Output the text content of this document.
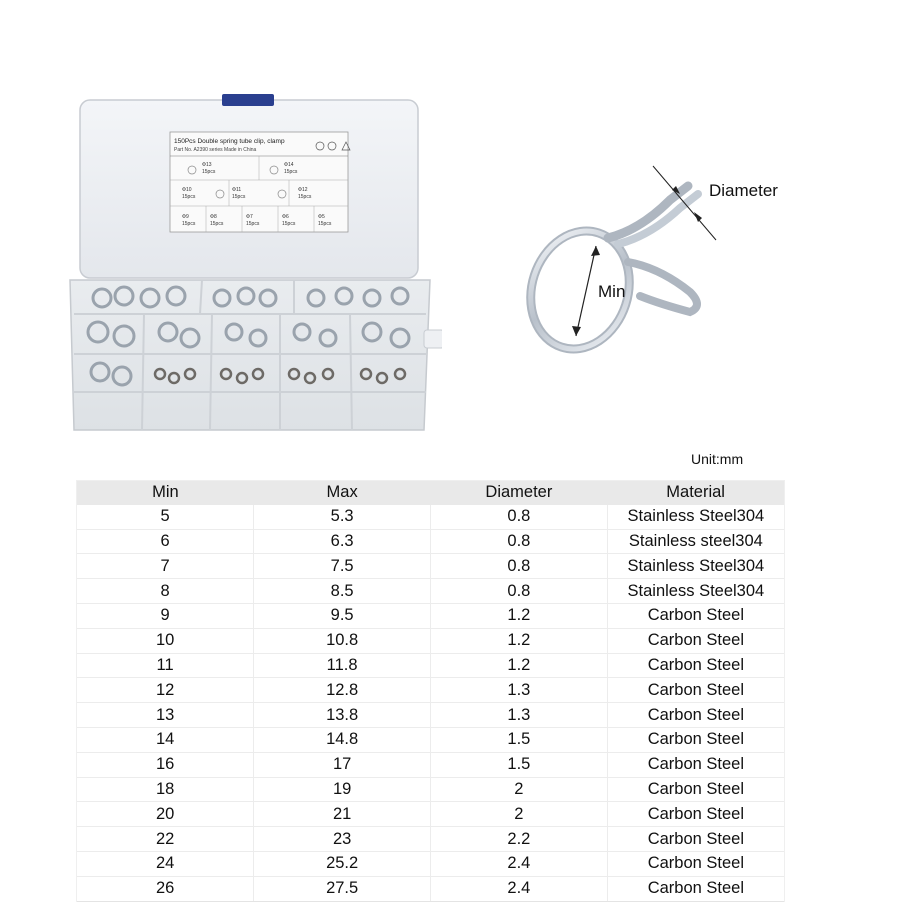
150Pcs Double spring tube clip, clamp
Part No. A2390 series Made in China
Φ13
15pcs
Φ14
15pcs
Φ10
15pcs
Φ11
15pcs
Φ12
15pcs
Φ9
15pcs
Φ8
15pcs
Φ7
15pcs
Φ6
15pcs
Φ5
15pcs
Diameter
Min
Unit:mm
Min	Max	Diameter	Material
5	5.3	0.8	Stainless Steel304
6	6.3	0.8	Stainless steel304
7	7.5	0.8	Stainless Steel304
8	8.5	0.8	Stainless Steel304
9	9.5	1.2	Carbon Steel
10	10.8	1.2	Carbon Steel
11	11.8	1.2	Carbon Steel
12	12.8	1.3	Carbon Steel
13	13.8	1.3	Carbon Steel
14	14.8	1.5	Carbon Steel
16	17	1.5	Carbon Steel
18	19	2	Carbon Steel
20	21	2	Carbon Steel
22	23	2.2	Carbon Steel
24	25.2	2.4	Carbon Steel
26	27.5	2.4	Carbon Steel
